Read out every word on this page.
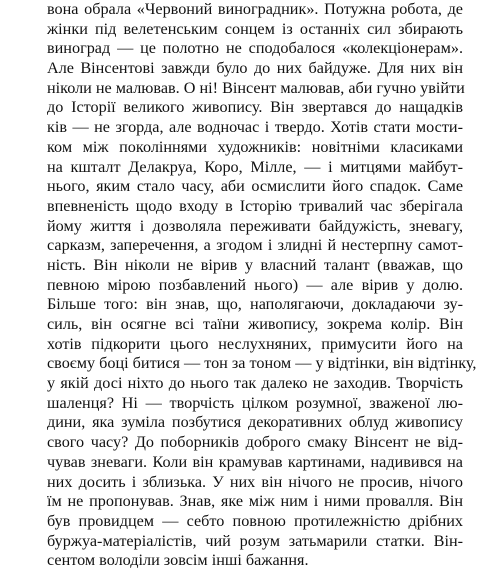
вона обрала «Червоний виноградник». Потужна робота, де
жінки під велетенським сонцем із останніх сил збирають
виноград — це полотно не сподобалося «колекціонерам».
Але Вінсентові завжди було до них байдуже. Для них він
ніколи не малював. О ні! Вінсент малював, аби гучно увійти
до Історії великого живопису. Він звертався до нащадків
ків — не згорда, але водночас і твердо. Хотів стати мости-
ком між поколіннями художників: новітніми класиками
на кшталт Делакруа, Коро, Мілле, — і митцями майбут-
нього, яким стало часу, аби осмислити його спадок. Саме
впевненість щодо входу в Історію тривалий час зберігала
йому життя і дозволяла переживати байдужість, зневагу,
сарказм, заперечення, а згодом і злидні й нестерпну самот-
ність. Він ніколи не вірив у власний талант (вважав, що
певною мірою позбавлений нього) — але вірив у долю.
Більше того: він знав, що, наполягаючи, докладаючи зу-
силь, він осягне всі таїни живопису, зокрема колір. Він
хотів підкорити цього неслухняних, примусити його на
своєму боці битися — тон за тоном — у відтінки, він відтінку,
у якій досі ніхто до нього так далеко не заходив. Творчість
шаленця? Ні — творчість цілком розумної, зваженої лю-
дини, яка зуміла позбутися декоративних облуд живопису
свого часу? До поборників доброго смаку Вінсент не від-
чував зневаги. Коли він крамував картинами, надивився на
них досить і зблизька. У них він нічого не просив, нічого
їм не пропонував. Знав, яке між ним і ними провалля. Він
був провидцем — себто повною протилежністю дрібних
буржуа-матеріалістів, чий розум затьмарили статки. Він-
сентом володіли зовсім інші бажання.
